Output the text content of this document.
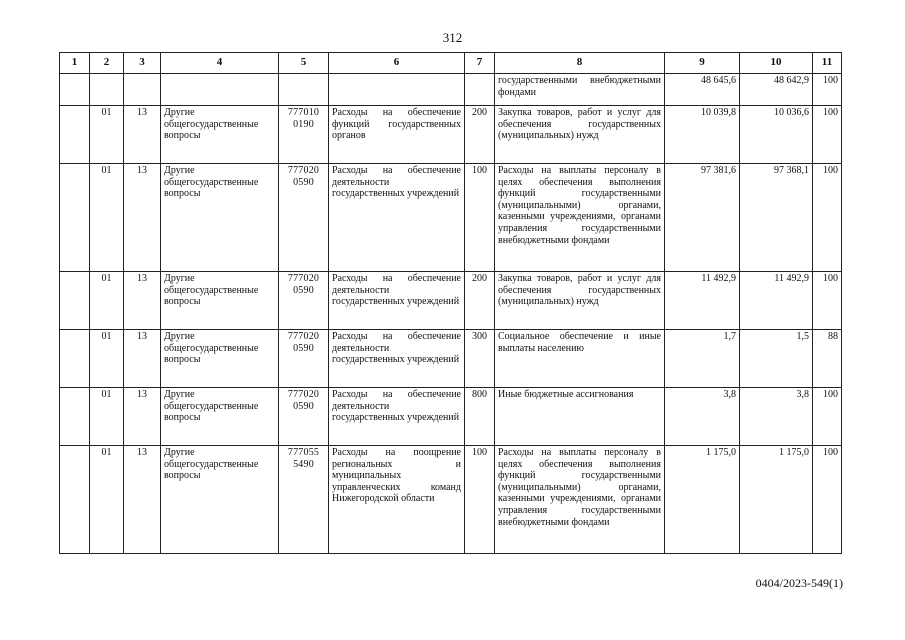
312
1	2	3	4	5	6	7	8	9	10	11
							государственными внебюджетными фондами	48 645,6	48 642,9	100
	01	13	Другие общегосударственные вопросы	777010 0190	Расходы на обеспечение функций государственных органов	200	Закупка товаров, работ и услуг для обеспечения государственных (муниципальных) нужд	10 039,8	10 036,6	100
	01	13	Другие общегосударственные вопросы	777020 0590	Расходы на обеспечение деятельности государственных учреждений	100	Расходы на выплаты персоналу в целях обеспечения выполнения функций государственными (муниципальными) органами, казенными учреждениями, органами управления государственными внебюджетными фондами	97 381,6	97 368,1	100
	01	13	Другие общегосударственные вопросы	777020 0590	Расходы на обеспечение деятельности государственных учреждений	200	Закупка товаров, работ и услуг для обеспечения государственных (муниципальных) нужд	11 492,9	11 492,9	100
	01	13	Другие общегосударственные вопросы	777020 0590	Расходы на обеспечение деятельности государственных учреждений	300	Социальное обеспечение и иные выплаты населению	1,7	1,5	88
	01	13	Другие общегосударственные вопросы	777020 0590	Расходы на обеспечение деятельности государственных учреждений	800	Иные бюджетные ассигнования	3,8	3,8	100
	01	13	Другие общегосударственные вопросы	777055 5490	Расходы на поощрение региональных и муниципальных управленческих команд Нижегородской области	100	Расходы на выплаты персоналу в целях обеспечения выполнения функций государственными (муниципальными) органами, казенными учреждениями, органами управления государственными внебюджетными фондами	1 175,0	1 175,0	100
0404/2023-549(1)
